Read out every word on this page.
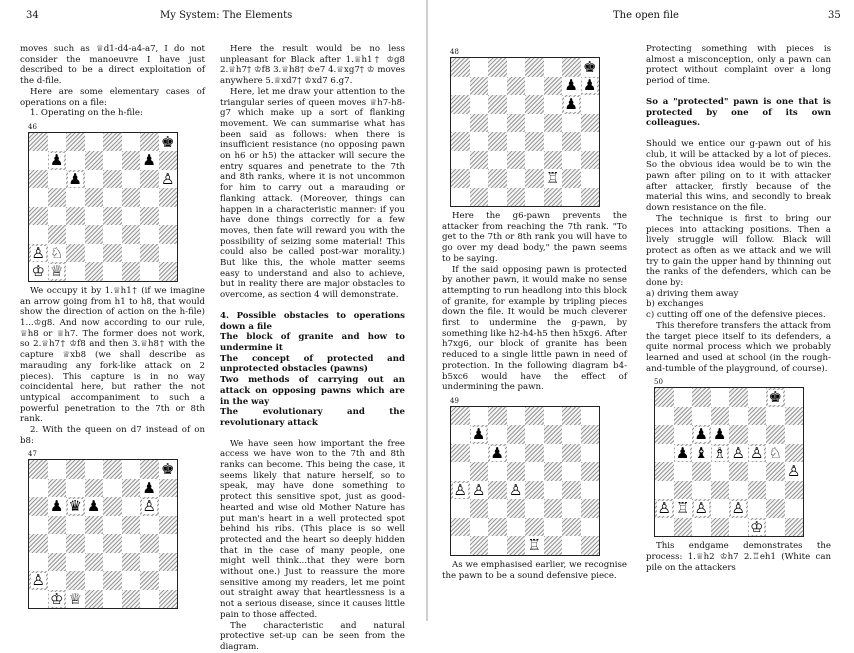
34	My System: The Elements

moves such as ♕d1-d4-a4-a7, I do not consider the manoeuvre I have just described to be a direct exploitation of the d-file.

Here are some elementary cases of operations on a file:

1. Operating on the h-file:

46
♚
♟	♟
♟	♙
♙ ♘
♔ ♕

We occupy it by 1.♕h1† (if we imagine an arrow going from h1 to h8, that would show the direction of action on the h-file) 1...♔g8. And now according to our rule, ♕h8 or ♕h7. The former does not work, so 2.♕h7† ♔f8 and then 3.♕h8† with the capture ♕xb8 (we shall describe as marauding any fork-like attack on 2 pieces). This capture is in no way coincidental here, but rather the not untypical accompaniment to such a powerful penetration to the 7th or 8th rank.

2. With the queen on d7 instead of on b8:

47
♚
♟
♟ ♛ ♟	♙
♙
♔ ♕

Here the result would be no less unpleasant for Black after 1.♕h1† ♔g8 2.♕h7† ♔f8 3.♕h8† ♔e7 4.♕xg7† ♔ moves anywhere 5.♕xd7† ♔xd7 6.g7.

Here, let me draw your attention to the triangular series of queen moves ♕h7-h8-g7 which make up a sort of flanking movement. We can summarise what has been said as follows: when there is insufficient resistance (no opposing pawn on h6 or h5) the attacker will secure the entry squares and penetrate to the 7th and 8th ranks, where it is not uncommon for him to carry out a marauding or flanking attack. (Moreover, things can happen in a characteristic manner: if you have done things correctly for a few moves, then fate will reward you with the possibility of seizing some material! This could also be called post-war morality.) But like this, the whole matter seems easy to understand and also to achieve, but in reality there are major obstacles to overcome, as section 4 will demonstrate.

4. Possible obstacles to operations down a file

The block of granite and how to undermine it

The concept of protected and unprotected obstacles (pawns)

Two methods of carrying out an attack on opposing pawns which are in the way

The evolutionary and the revolutionary attack

We have seen how important the free access we have won to the 7th and 8th ranks can become. This being the case, it seems likely that nature herself, so to speak, may have done something to protect this sensitive spot, just as good-hearted and wise old Mother Nature has put man's heart in a well protected spot behind his ribs. (This place is so well protected and the heart so deeply hidden that in the case of many people, one might well think...that they were born without one.) Just to reassure the more sensitive among my readers, let me point out straight away that heartlessness is a not a serious disease, since it causes little pain to those affected.

The characteristic and natural protective set-up can be seen from the diagram.

The open file	35
48
♚
♟ ♟
♟
♖

Here the g6-pawn prevents the attacker from reaching the 7th rank. "To get to the 7th or 8th rank you will have to go over my dead body," the pawn seems to be saying.

If the said opposing pawn is protected by another pawn, it would make no sense attempting to run headlong into this block of granite, for example by tripling pieces down the file. It would be much cleverer first to undermine the g-pawn, by something like h2-h4-h5 then h5xg6. After h7xg6, our block of granite has been reduced to a single little pawn in need of protection. In the following diagram b4-b5xc6 would have the effect of undermining the pawn.

49
♟
♟
♙ ♙ ♙
♖

As we emphasised earlier, we recognise the pawn to be a sound defensive piece.

Protecting something with pieces is almost a misconception, only a pawn can protect without complaint over a long period of time.

So a "protected" pawn is one that is protected by one of its own colleagues.

Should we entice our g-pawn out of his club, it will be attacked by a lot of pieces. So the obvious idea would be to win the pawn after piling on to it with attacker after attacker, firstly because of the material this wins, and secondly to break down resistance on the file.

The technique is first to bring our pieces into attacking positions. Then a lively struggle will follow. Black will protect as often as we attack and we will try to gain the upper hand by thinning out the ranks of the defenders, which can be done by:

a) driving them away

b) exchanges

c) cutting off one of the defensive pieces.

This therefore transfers the attack from the target piece itself to its defenders, a quite normal process which we probably learned and used at school (in the rough-and-tumble of the playground, of course).

50
♚
♟ ♟
♟ ♝ ♗ ♙ ♙ ♘
♙
♙ ♖ ♙ ♙
♔

This endgame demonstrates the process: 1.♕h2 ♔h7 2.♖eh1 (White can pile on the attackers
